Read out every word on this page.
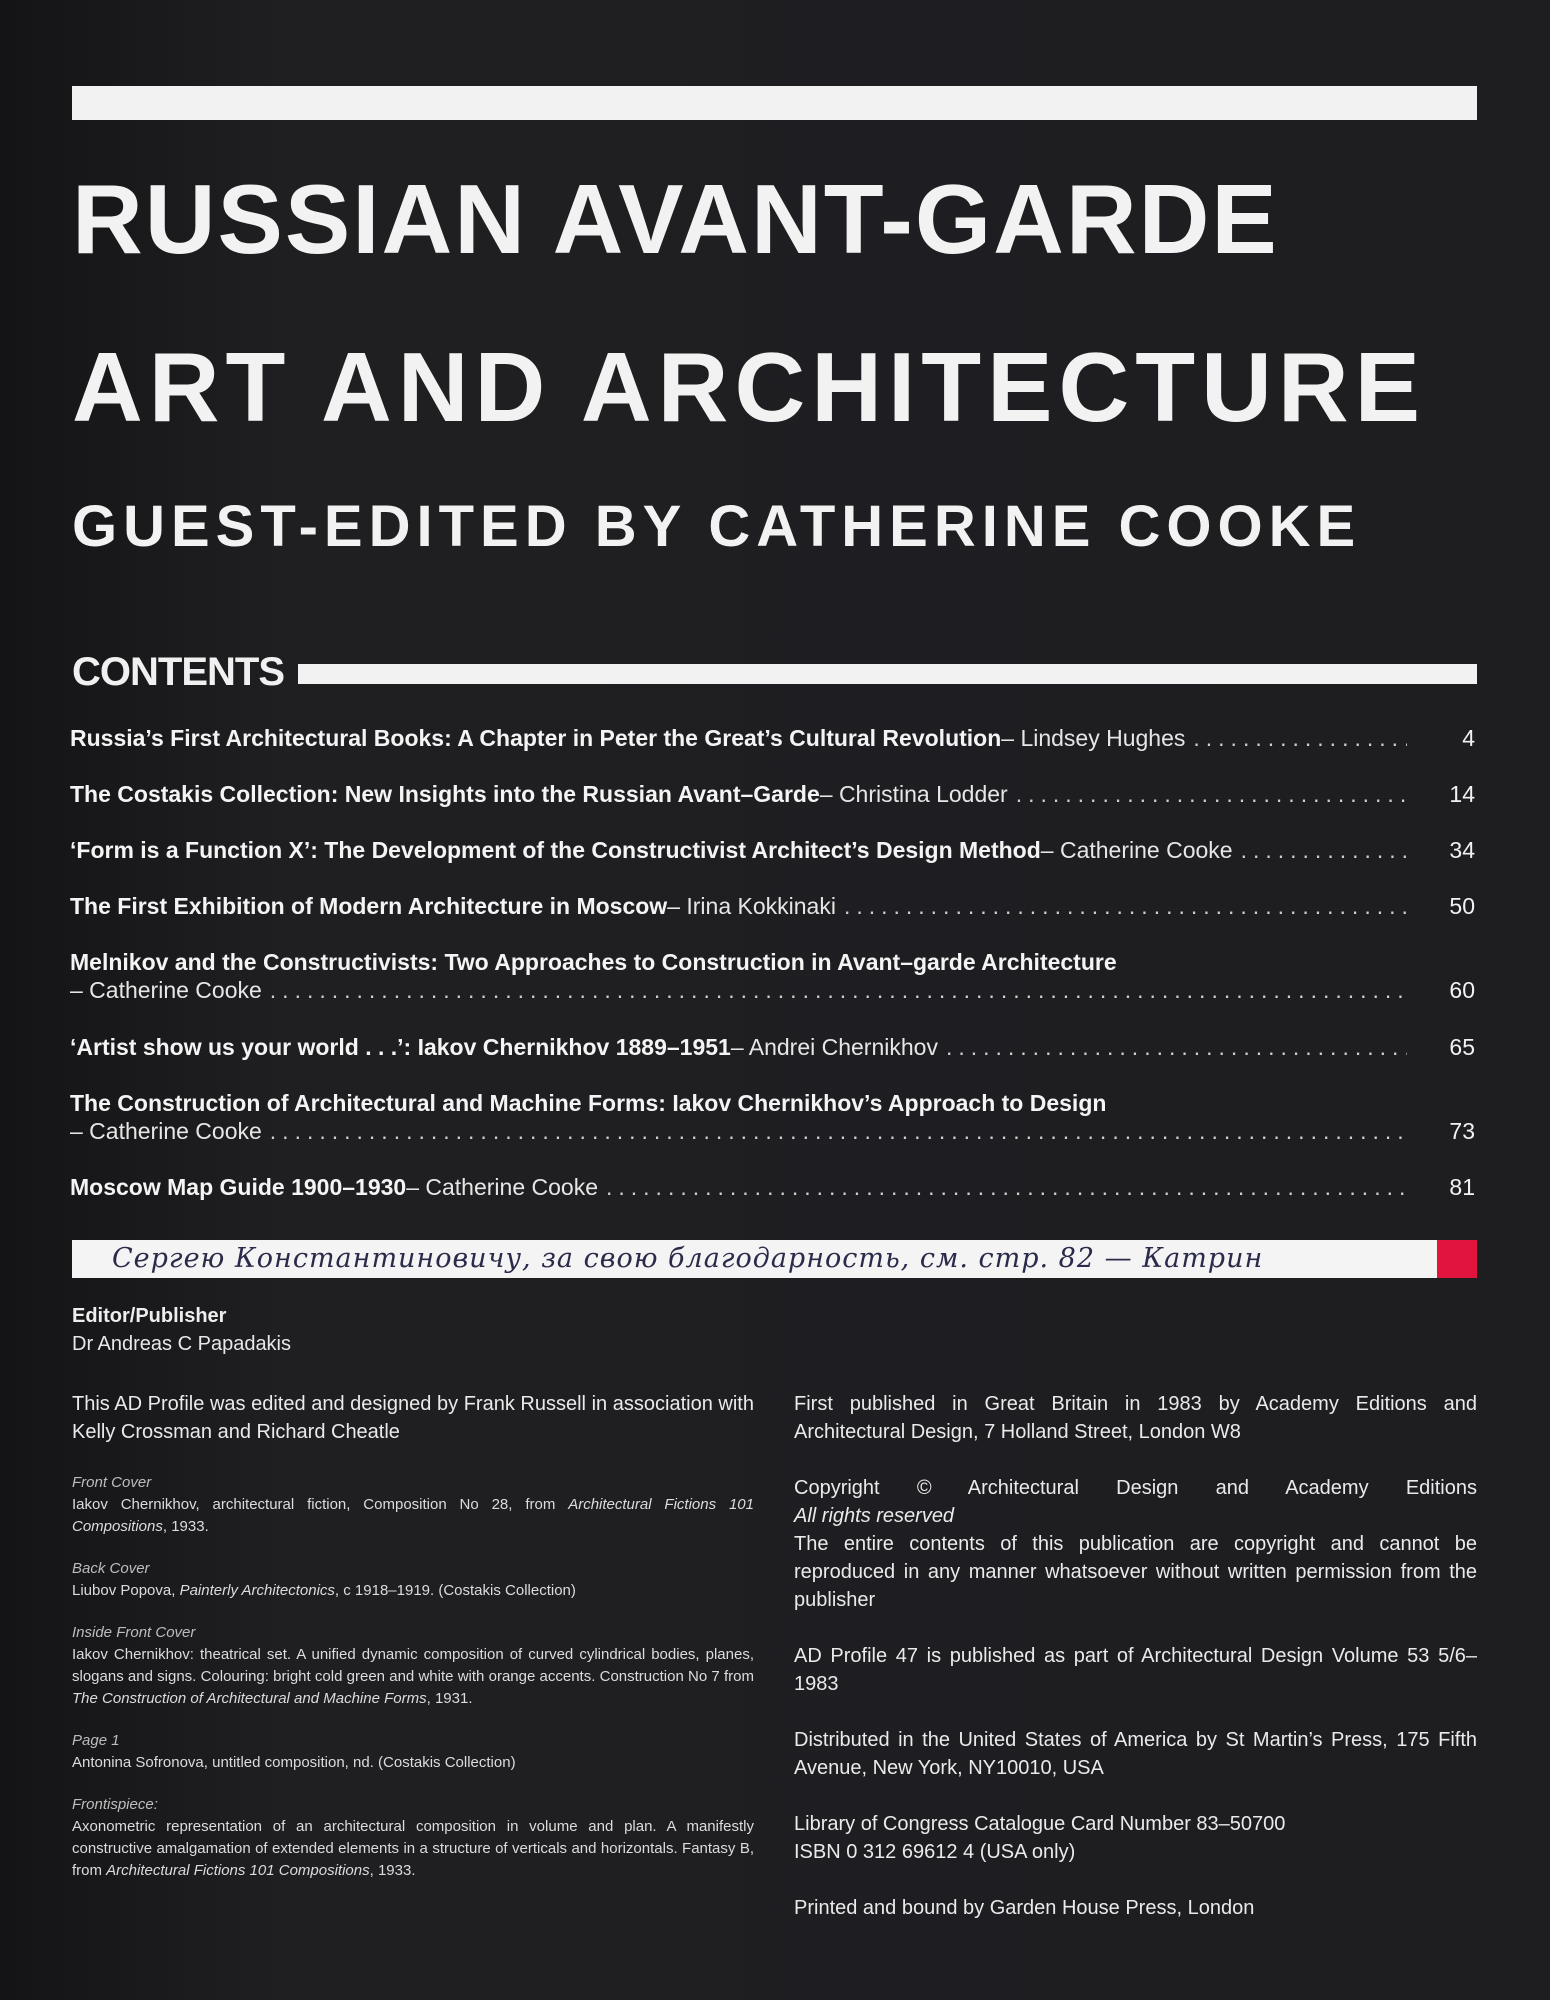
RUSSIAN AVANT-GARDE
ART AND ARCHITECTURE
GUEST-EDITED BY CATHERINE COOKE
CONTENTS
Russia’s First Architectural Books: A Chapter in Peter the Great’s Cultural Revolution – Lindsey Hughes .....	4
The Costakis Collection: New Insights into the Russian Avant–Garde – Christina Lodder .....	14
‘Form is a Function X’: The Development of the Constructivist Architect’s Design Method – Catherine Cooke .....	34
The First Exhibition of Modern Architecture in Moscow – Irina Kokkinaki .....	50
Melnikov and the Constructivists: Two Approaches to Construction in Avant–garde Architecture
– Catherine Cooke .....	60
‘Artist show us your world . . .’: Iakov Chernikhov 1889–1951 – Andrei Chernikhov .....	65
The Construction of Architectural and Machine Forms: Iakov Chernikhov’s Approach to Design
– Catherine Cooke .....	73
Moscow Map Guide 1900–1930 – Catherine Cooke .....	81
Сергею Константиновичу, за свою благодарность, см. стр. 82 — Катрин
Editor/Publisher
Dr Andreas C Papadakis

This AD Profile was edited and designed by Frank Russell in association with Kelly Crossman and Richard Cheatle

Front Cover

Iakov Chernikhov, architectural fiction, Composition No 28, from Architectural Fictions 101 Compositions, 1933.

Back Cover

Liubov Popova, Painterly Architectonics, c 1918–1919. (Costakis Collection)

Inside Front Cover

Iakov Chernikhov: theatrical set. A unified dynamic composition of curved cylindrical bodies, planes, slogans and signs. Colouring: bright cold green and white with orange accents. Construction No 7 from The Construction of Architectural and Machine Forms, 1931.

Page 1

Antonina Sofronova, untitled composition, nd. (Costakis Collection)

Frontispiece:

Axonometric representation of an architectural composition in volume and plan. A manifestly constructive amalgamation of extended elements in a structure of verticals and horizontals. Fantasy B, from Architectural Fictions 101 Compositions, 1933.

First published in Great Britain in 1983 by Academy Editions and Architectural Design, 7 Holland Street, London W8

Copyright © Architectural Design and Academy Editions

All rights reserved

The entire contents of this publication are copyright and cannot be reproduced in any manner whatsoever without written permission from the publisher

AD Profile 47 is published as part of Architectural Design Volume 53 5/6–1983

Distributed in the United States of America by St Martin’s Press, 175 Fifth Avenue, New York, NY10010, USA

Library of Congress Catalogue Card Number 83–50700

ISBN 0 312 69612 4 (USA only)

Printed and bound by Garden House Press, London
